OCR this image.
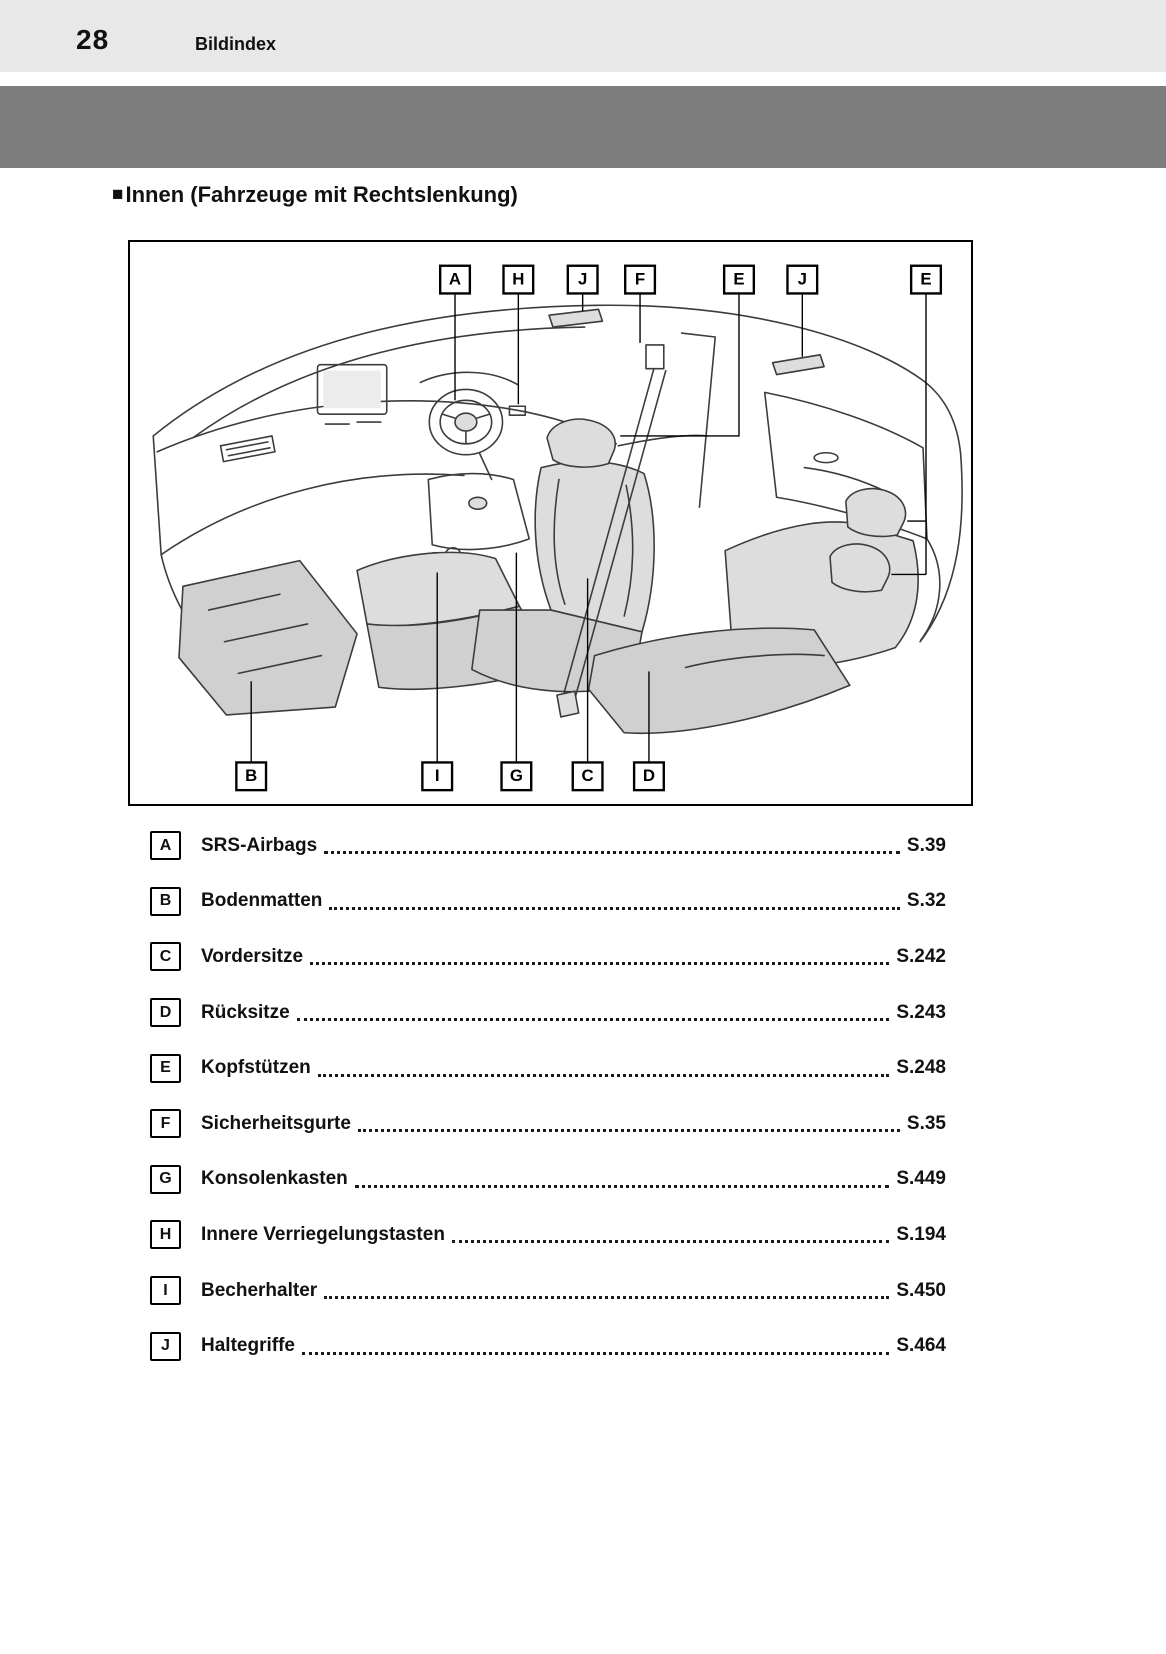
28	Bildindex
■ Innen (Fahrzeuge mit Rechtslenkung)
A	H	J	F	E	J	E
B	I	G	C	D
A	SRS-Airbags	S.39
B	Bodenmatten	S.32
C	Vordersitze	S.242
D	Rücksitze	S.243
E	Kopfstützen	S.248
F	Sicherheitsgurte	S.35
G	Konsolenkasten	S.449
H	Innere Verriegelungstasten	S.194
I	Becherhalter	S.450
J	Haltegriffe	S.464
